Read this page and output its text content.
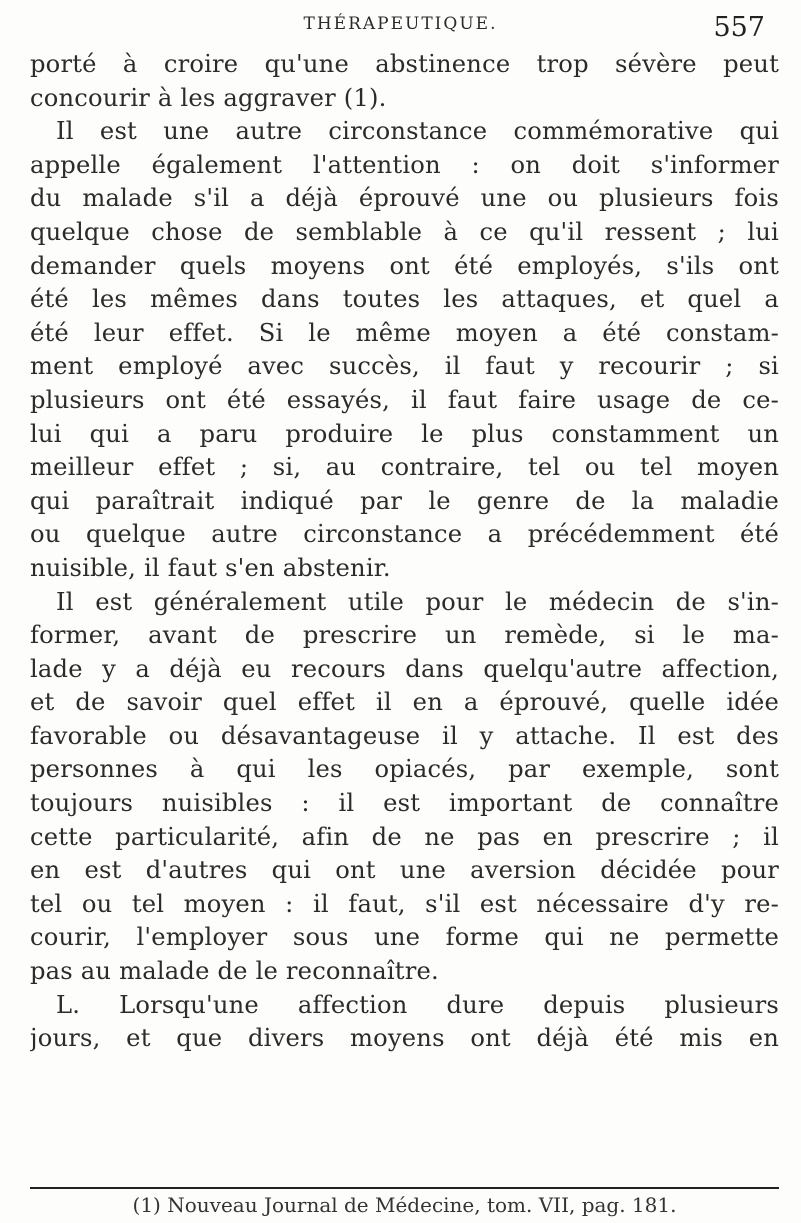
THÉRAPEUTIQUE.	557
porté à croire qu'une abstinence trop sévère peut
concourir à les aggraver (1).
Il est une autre circonstance commémorative qui
appelle également l'attention : on doit s'informer
du malade s'il a déjà éprouvé une ou plusieurs fois
quelque chose de semblable à ce qu'il ressent ; lui
demander quels moyens ont été employés, s'ils ont
été les mêmes dans toutes les attaques, et quel a
été leur effet. Si le même moyen a été constam-
ment employé avec succès, il faut y recourir ; si
plusieurs ont été essayés, il faut faire usage de ce-
lui qui a paru produire le plus constamment un
meilleur effet ; si, au contraire, tel ou tel moyen
qui paraîtrait indiqué par le genre de la maladie
ou quelque autre circonstance a précédemment été
nuisible, il faut s'en abstenir.
Il est généralement utile pour le médecin de s'in-
former, avant de prescrire un remède, si le ma-
lade y a déjà eu recours dans quelqu'autre affection,
et de savoir quel effet il en a éprouvé, quelle idée
favorable ou désavantageuse il y attache. Il est des
personnes à qui les opiacés, par exemple, sont
toujours nuisibles : il est important de connaître
cette particularité, afin de ne pas en prescrire ; il
en est d'autres qui ont une aversion décidée pour
tel ou tel moyen : il faut, s'il est nécessaire d'y re-
courir, l'employer sous une forme qui ne permette
pas au malade de le reconnaître.
L. Lorsqu'une affection dure depuis plusieurs
jours, et que divers moyens ont déjà été mis en
(1) Nouveau Journal de Médecine, tom. VII, pag. 181.
